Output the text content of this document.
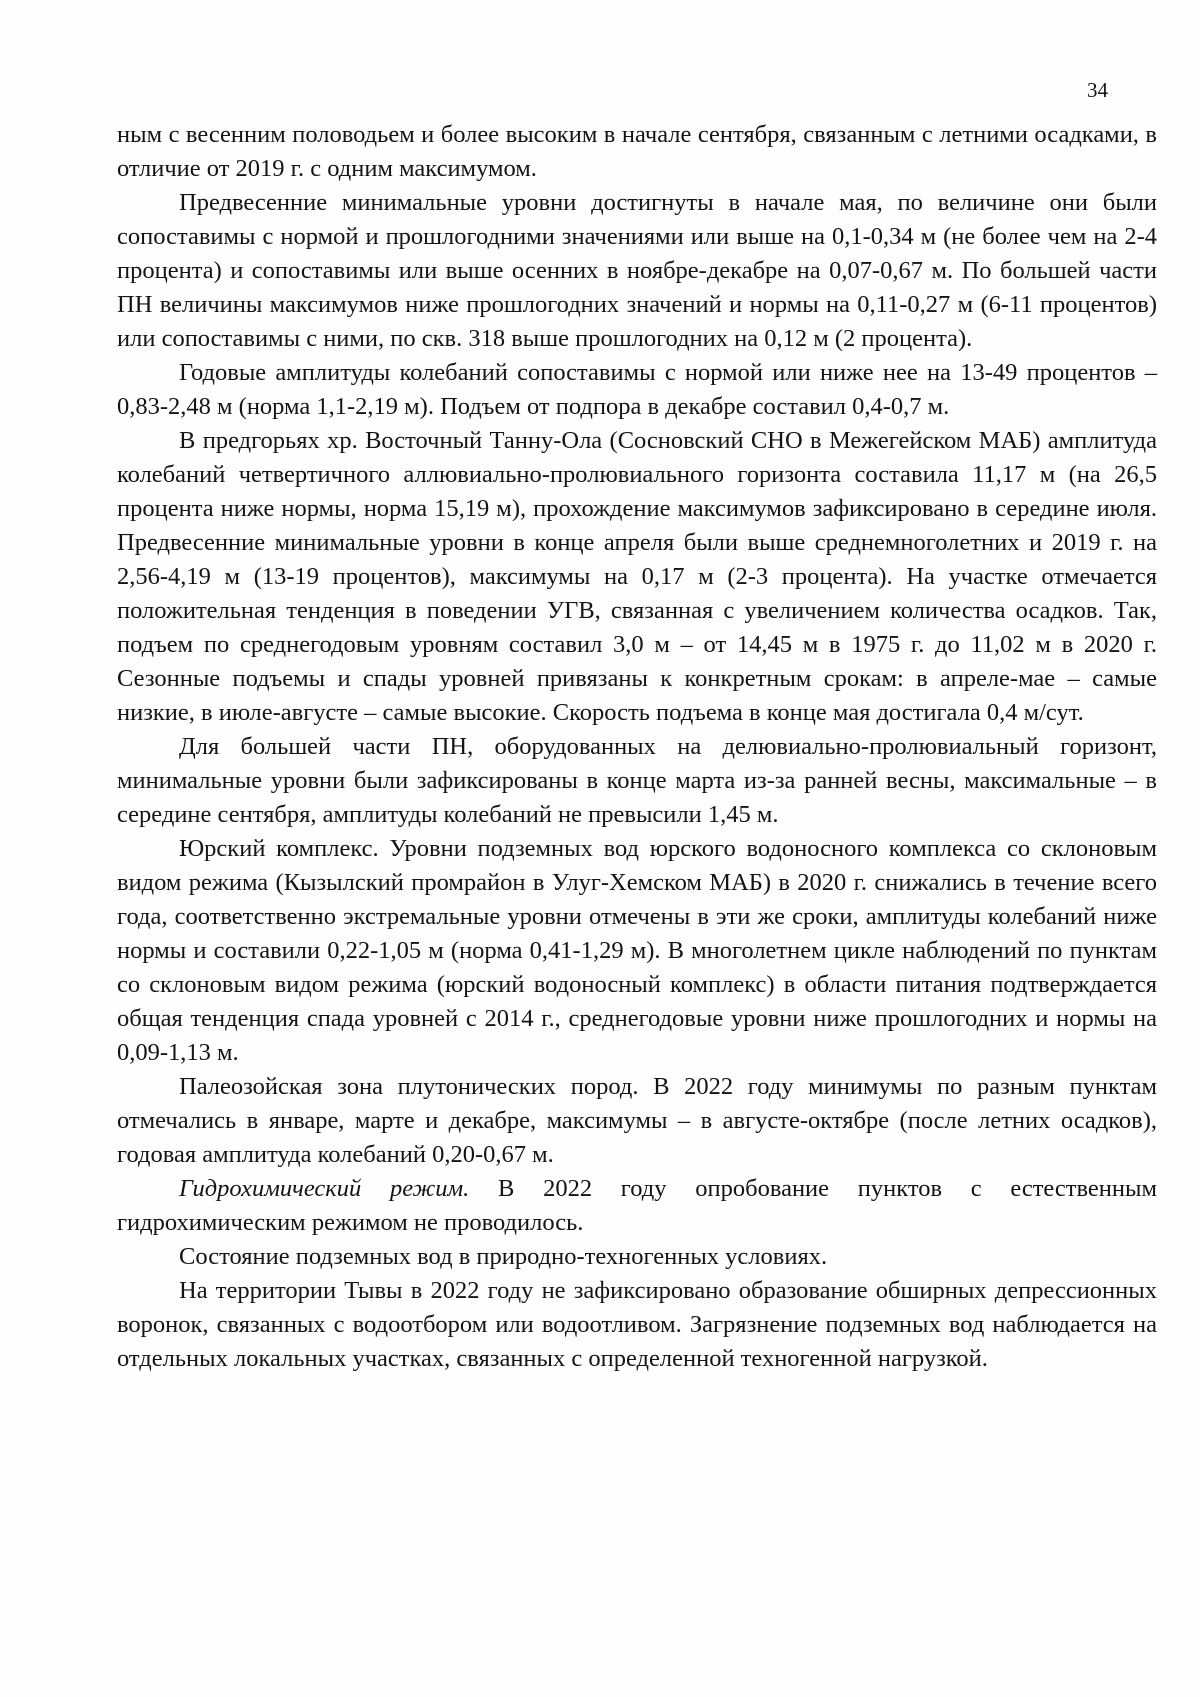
34

ным с весенним половодьем и более высоким в начале сентября, связанным с летними осадками, в отличие от 2019 г. с одним максимумом.

Предвесенние минимальные уровни достигнуты в начале мая, по величине они были сопоставимы с нормой и прошлогодними значениями или выше на 0,1-0,34 м (не более чем на 2-4 процента) и сопоставимы или выше осенних в ноябре-декабре на 0,07-0,67 м. По большей части ПН величины максимумов ниже прошлогодних значений и нормы на 0,11-0,27 м (6-11 процентов) или сопоставимы с ними, по скв. 318 выше прошлогодних на 0,12 м (2 процента).

Годовые амплитуды колебаний сопоставимы с нормой или ниже нее на 13-49 процентов – 0,83-2,48 м (норма 1,1-2,19 м). Подъем от подпора в декабре составил 0,4-0,7 м.

В предгорьях хр. Восточный Танну-Ола (Сосновский СНО в Межегейском МАБ) амплитуда колебаний четвертичного аллювиально-пролювиального горизонта составила 11,17 м (на 26,5 процента ниже нормы, норма 15,19 м), прохождение максимумов зафиксировано в середине июля. Предвесенние минимальные уровни в конце апреля были выше среднемноголетних и 2019 г. на 2,56-4,19 м (13-19 процентов), максимумы на 0,17 м (2-3 процента). На участке отмечается положительная тенденция в поведении УГВ, связанная с увеличением количества осадков. Так, подъем по среднегодовым уровням составил 3,0 м – от 14,45 м в 1975 г. до 11,02 м в 2020 г. Сезонные подъемы и спады уровней привязаны к конкретным срокам: в апреле-мае – самые низкие, в июле-августе – самые высокие. Скорость подъема в конце мая достигала 0,4 м/сут.

Для большей части ПН, оборудованных на делювиально-пролювиальный горизонт, минимальные уровни были зафиксированы в конце марта из-за ранней весны, максимальные – в середине сентября, амплитуды колебаний не превысили 1,45 м.

Юрский комплекс. Уровни подземных вод юрского водоносного комплекса со склоновым видом режима (Кызылский промрайон в Улуг-Хемском МАБ) в 2020 г. снижались в течение всего года, соответственно экстремальные уровни отмечены в эти же сроки, амплитуды колебаний ниже нормы и составили 0,22-1,05 м (норма 0,41-1,29 м). В многолетнем цикле наблюдений по пунктам со склоновым видом режима (юрский водоносный комплекс) в области питания подтверждается общая тенденция спада уровней с 2014 г., среднегодовые уровни ниже прошлогодних и нормы на 0,09-1,13 м.

Палеозойская зона плутонических пород. В 2022 году минимумы по разным пунктам отмечались в январе, марте и декабре, максимумы – в августе-октябре (после летних осадков), годовая амплитуда колебаний 0,20-0,67 м.

Гидрохимический режим. В 2022 году опробование пунктов с естественным гидрохимическим режимом не проводилось.

Состояние подземных вод в природно-техногенных условиях.

На территории Тывы в 2022 году не зафиксировано образование обширных депрессионных воронок, связанных с водоотбором или водоотливом. Загрязнение подземных вод наблюдается на отдельных локальных участках, связанных с определенной техногенной нагрузкой.
